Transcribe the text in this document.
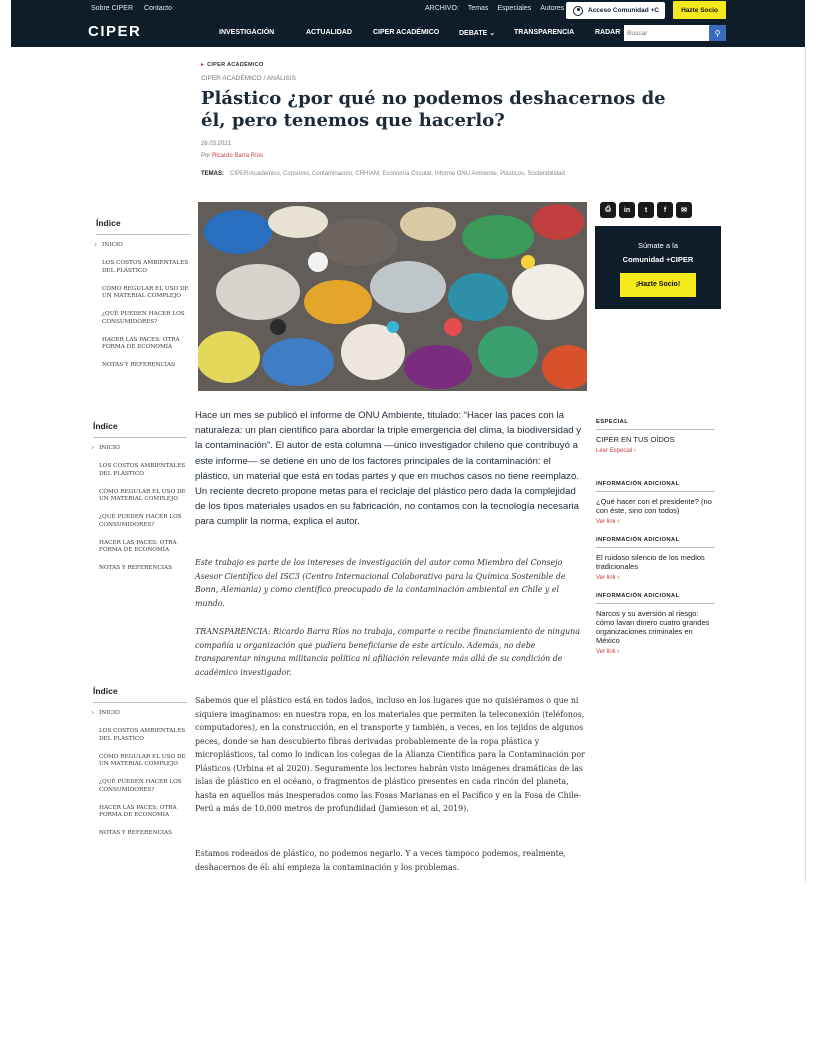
Sobre CIPER Contacto	ARCHIVO: Temas Especiales Autores	Acceso Comunidad +C	Hazte Socio
CIPER	INVESTIGACIÓN	ACTUALIDAD	CIPER ACADÉMICO	DEBATE ⌄	TRANSPARENCIA	RADAR
Buscar	⚲
▸ CIPER ACADÉMICO
CIPER ACADÉMICO / ANÁLISIS
Plástico ¿por qué no podemos deshacernos de él, pero tenemos que hacerlo?
26.03.2021
Por Ricardo Barra Ríos
TEMAS: CIPER/Académico, Consumo, Contaminación, CRHIAM, Economía Circular, Informe ONU Ambiente, Plásticos, Sostenibilidad
Índice
› INICIO
LOS COSTOS AMBIENTALES DEL PLÁSTICO
CÓMO REGULAR EL USO DE UN MATERIAL COMPLEJO
¿QUÉ PUEDEN HACER LOS CONSUMIDORES?
HACER LAS PACES: OTRA FORMA DE ECONOMÍA
NOTAS Y REFERENCIAS
⎙	in	t	f	✉
Súmate a la
Comunidad +CIPER
¡Hazte Socio!
Índice
› INICIO
LOS COSTOS AMBIENTALES DEL PLÁSTICO
CÓMO REGULAR EL USO DE UN MATERIAL COMPLEJO
¿QUÉ PUEDEN HACER LOS CONSUMIDORES?
HACER LAS PACES: OTRA FORMA DE ECONOMÍA
NOTAS Y REFERENCIAS
Índice
› INICIO
LOS COSTOS AMBIENTALES DEL PLÁSTICO
CÓMO REGULAR EL USO DE UN MATERIAL COMPLEJO
¿QUÉ PUEDEN HACER LOS CONSUMIDORES?
HACER LAS PACES: OTRA FORMA DE ECONOMÍA
NOTAS Y REFERENCIAS

Hace un mes se publicó el informe de ONU Ambiente, titulado: “Hacer las paces con la naturaleza: un plan científico para abordar la triple emergencia del clima, la biodiversidad y la contaminación”. El autor de esta columna —único investigador chileno que contribuyó a este informe— se detiene en uno de los factores principales de la contaminación: el plástico, un material que está en todas partes y que en muchos casos no tiene reemplazo. Un reciente decreto propone metas para el reciclaje del plástico pero dada la complejidad de los tipos materiales usados en su fabricación, no contamos con la tecnología necesaria para cumplir la norma, explica el autor.

Este trabajo es parte de los intereses de investigación del autor como Miembro del Consejo Asesor Científico del ISC3 (Centro Internacional Colaborativo para la Química Sostenible de Bonn, Alemania) y como científico preocupado de la contaminación ambiental en Chile y el mundo.

TRANSPARENCIA: Ricardo Barra Ríos no trabaja, comparte o recibe financiamiento de ninguna compañía u organización que pudiera beneficiarse de este artículo. Además, no debe transparentar ninguna militancia política ni afiliación relevante más allá de su condición de académico investigador.

Sabemos que el plástico está en todos lados, incluso en los lugares que no quisiéramos o que ni siquiera imaginamos: en nuestra ropa, en los materiales que permiten la teleconexión (teléfonos, computadores), en la construcción, en el transporte y también, a veces, en los tejidos de algunos peces, donde se han descubierto fibras derivadas probablemente de la ropa plástica y microplásticos, tal como lo indican los colegas de la Alianza Científica para la Contaminación por Plásticos (Urbina et al 2020). Seguramente los lectores habrán visto imágenes dramáticas de las islas de plástico en el océano, o fragmentos de plástico presentes en cada rincón del planeta, hasta en aquellos más inesperados como las Fosas Marianas en el Pacífico y en la Fosa de Chile-Perú a más de 10.000 metros de profundidad (Jamieson et al, 2019).

Estamos rodeados de plástico, no podemos negarlo. Y a veces tampoco podemos, realmente, deshacernos de él: ahí empieza la contaminación y los problemas.

ESPECIAL
CIPER EN TUS OÍDOS
Leer Especial ›
INFORMACIÓN ADICIONAL
¿Qué hacer con el presidente? (no con éste, sino con todos)
Ver link ›
INFORMACIÓN ADICIONAL
El ruidoso silencio de los medios tradicionales
Ver link ›
INFORMACIÓN ADICIONAL
Narcos y su aversión al riesgo: cómo lavan dinero cuatro grandes organizaciones criminales en México
Ver link ›
